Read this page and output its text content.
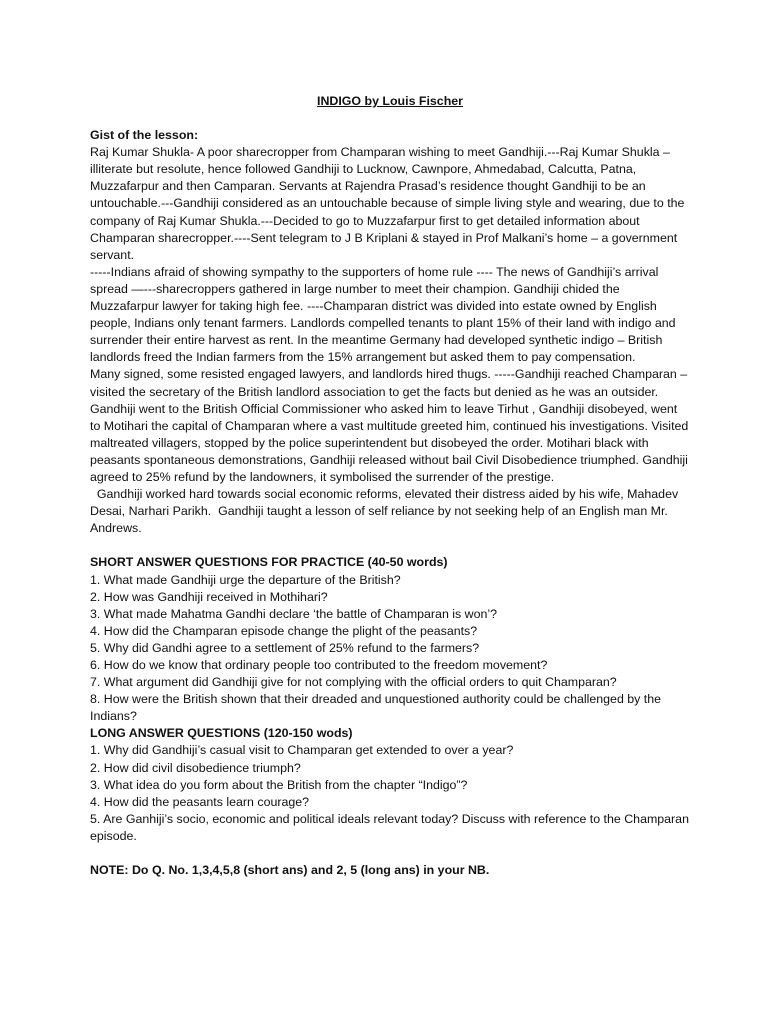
INDIGO by Louis Fischer

Gist of the lesson:

Raj Kumar Shukla- A poor sharecropper from Champaran wishing to meet Gandhiji.---Raj Kumar Shukla – illiterate but resolute, hence followed Gandhiji to Lucknow, Cawnpore, Ahmedabad, Calcutta, Patna, Muzzafarpur and then Camparan. Servants at Rajendra Prasad’s residence thought Gandhiji to be an untouchable.---Gandhiji considered as an untouchable because of simple living style and wearing, due to the company of Raj Kumar Shukla.---Decided to go to Muzzafarpur first to get detailed information about Champaran sharecropper.----Sent telegram to J B Kriplani & stayed in Prof Malkani’s home – a government servant.

-----Indians afraid of showing sympathy to the supporters of home rule ---- The news of Gandhiji’s arrival spread —---sharecroppers gathered in large number to meet their champion. Gandhiji chided the Muzzafarpur lawyer for taking high fee. ----Champaran district was divided into estate owned by English people, Indians only tenant farmers. Landlords compelled tenants to plant 15% of their land with indigo and surrender their entire harvest as rent. In the meantime Germany had developed synthetic indigo – British landlords freed the Indian farmers from the 15% arrangement but asked them to pay compensation.

Many signed, some resisted engaged lawyers, and landlords hired thugs. -----Gandhiji reached Champaran –visited the secretary of the British landlord association to get the facts but denied as he was an outsider. Gandhiji went to the British Official Commissioner who asked him to leave Tirhut , Gandhiji disobeyed, went to Motihari the capital of Champaran where a vast multitude greeted him, continued his investigations. Visited maltreated villagers, stopped by the police superintendent but disobeyed the order. Motihari black with peasants spontaneous demonstrations, Gandhiji released without bail Civil Disobedience triumphed. Gandhiji agreed to 25% refund by the landowners, it symbolised the surrender of the prestige.

Gandhiji worked hard towards social economic reforms, elevated their distress aided by his wife, Mahadev Desai, Narhari Parikh.  Gandhiji taught a lesson of self reliance by not seeking help of an English man Mr. Andrews.

SHORT ANSWER QUESTIONS FOR PRACTICE (40-50 words)

1. What made Gandhiji urge the departure of the British?
2. How was Gandhiji received in Mothihari?
3. What made Mahatma Gandhi declare ‘the battle of Champaran is won’?
4. How did the Champaran episode change the plight of the peasants?
5. Why did Gandhi agree to a settlement of 25% refund to the farmers?
6. How do we know that ordinary people too contributed to the freedom movement?
7. What argument did Gandhiji give for not complying with the official orders to quit Champaran?
8. How were the British shown that their dreaded and unquestioned authority could be challenged by the Indians?

LONG ANSWER QUESTIONS (120-150 wods)

1. Why did Gandhiji’s casual visit to Champaran get extended to over a year?
2. How did civil disobedience triumph?
3. What idea do you form about the British from the chapter “Indigo”?
4. How did the peasants learn courage?
5. Are Ganhiji’s socio, economic and political ideals relevant today? Discuss with reference to the Champaran episode.

NOTE: Do Q. No. 1,3,4,5,8 (short ans) and 2, 5 (long ans) in your NB.
